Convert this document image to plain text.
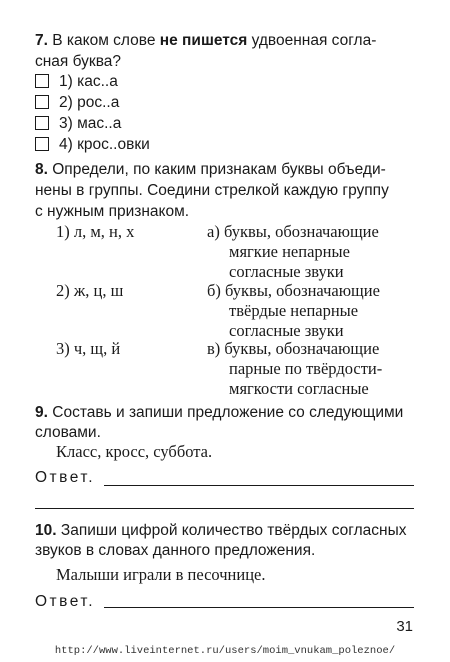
7. В каком слове не пишется удвоенная согла-
сная буква?
1) кас..а
2) рос..а
3) мас..а
4) крос..овки
8. Определи, по каким признакам буквы объеди-
нены в группы. Соедини стрелкой каждую группу
с нужным признаком.
1) л, м, н, х	а) буквы, обозначающие
мягкие непарные
согласные звуки
2) ж, ц, ш	б) буквы, обозначающие
твёрдые непарные
согласные звуки
3) ч, щ, й	в) буквы, обозначающие
парные по твёрдости-
мягкости согласные
9. Составь и запиши предложение со следующими
словами.
Класс, кросс, суббота.
Ответ.
10. Запиши цифрой количество твёрдых согласных
звуков в словах данного предложения.
Малыши играли в песочнице.
Ответ.
31
http://www.liveinternet.ru/users/moim_vnukam_poleznoe/
